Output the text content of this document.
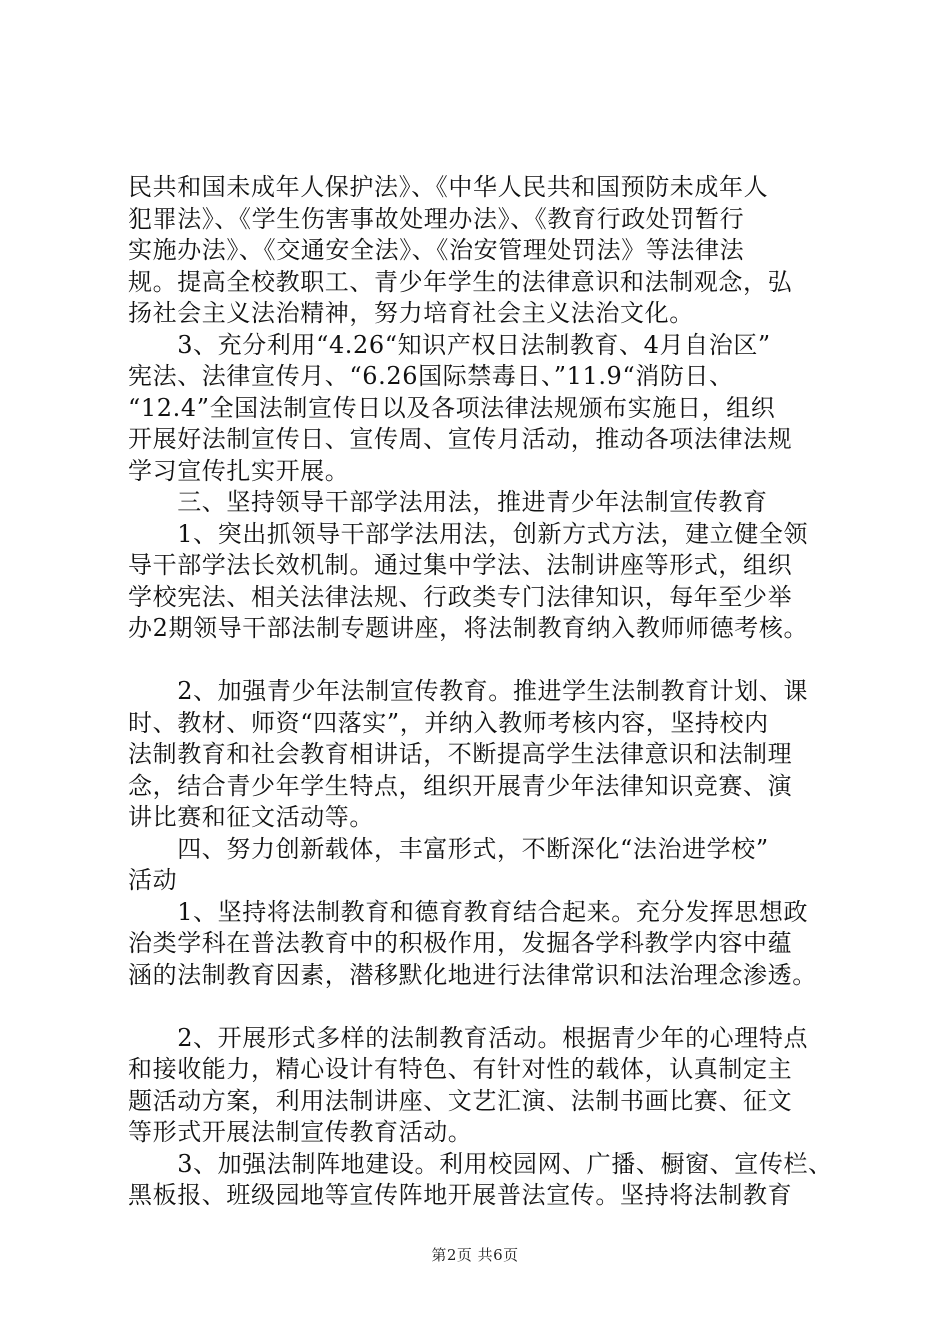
民共和国未成年人保护法》、《中华人民共和国预防未成年人
犯罪法》、《学生伤害事故处理办法》、《教育行政处罚暂行
实施办法》、《交通安全法》、《治安管理处罚法》等法律法
规。提高全校教职工、青少年学生的法律意识和法制观念，弘
扬社会主义法治精神，努力培育社会主义法治文化。
　　3、充分利用“4.26“知识产权日法制教育、4月自治区”
宪法、法律宣传月、“6.26国际禁毒日、”11.9“消防日、
“12.4”全国法制宣传日以及各项法律法规颁布实施日，组织
开展好法制宣传日、宣传周、宣传月活动，推动各项法律法规
学习宣传扎实开展。
　　三、坚持领导干部学法用法，推进青少年法制宣传教育
　　1、突出抓领导干部学法用法，创新方式方法，建立健全领
导干部学法长效机制。通过集中学法、法制讲座等形式，组织
学校宪法、相关法律法规、行政类专门法律知识，每年至少举
办2期领导干部法制专题讲座，将法制教育纳入教师师德考核。
　　2、加强青少年法制宣传教育。推进学生法制教育计划、课
时、教材、师资“四落实”，并纳入教师考核内容，坚持校内
法制教育和社会教育相讲话，不断提高学生法律意识和法制理
念，结合青少年学生特点，组织开展青少年法律知识竞赛、演
讲比赛和征文活动等。
　　四、努力创新载体，丰富形式，不断深化“法治进学校”
活动
　　1、坚持将法制教育和德育教育结合起来。充分发挥思想政
治类学科在普法教育中的积极作用，发掘各学科教学内容中蕴
涵的法制教育因素，潜移默化地进行法律常识和法治理念渗透。
　　2、开展形式多样的法制教育活动。根据青少年的心理特点
和接收能力，精心设计有特色、有针对性的载体，认真制定主
题活动方案，利用法制讲座、文艺汇演、法制书画比赛、征文
等形式开展法制宣传教育活动。
　　3、加强法制阵地建设。利用校园网、广播、橱窗、宣传栏、
黑板报、班级园地等宣传阵地开展普法宣传。坚持将法制教育
第2页 共6页
